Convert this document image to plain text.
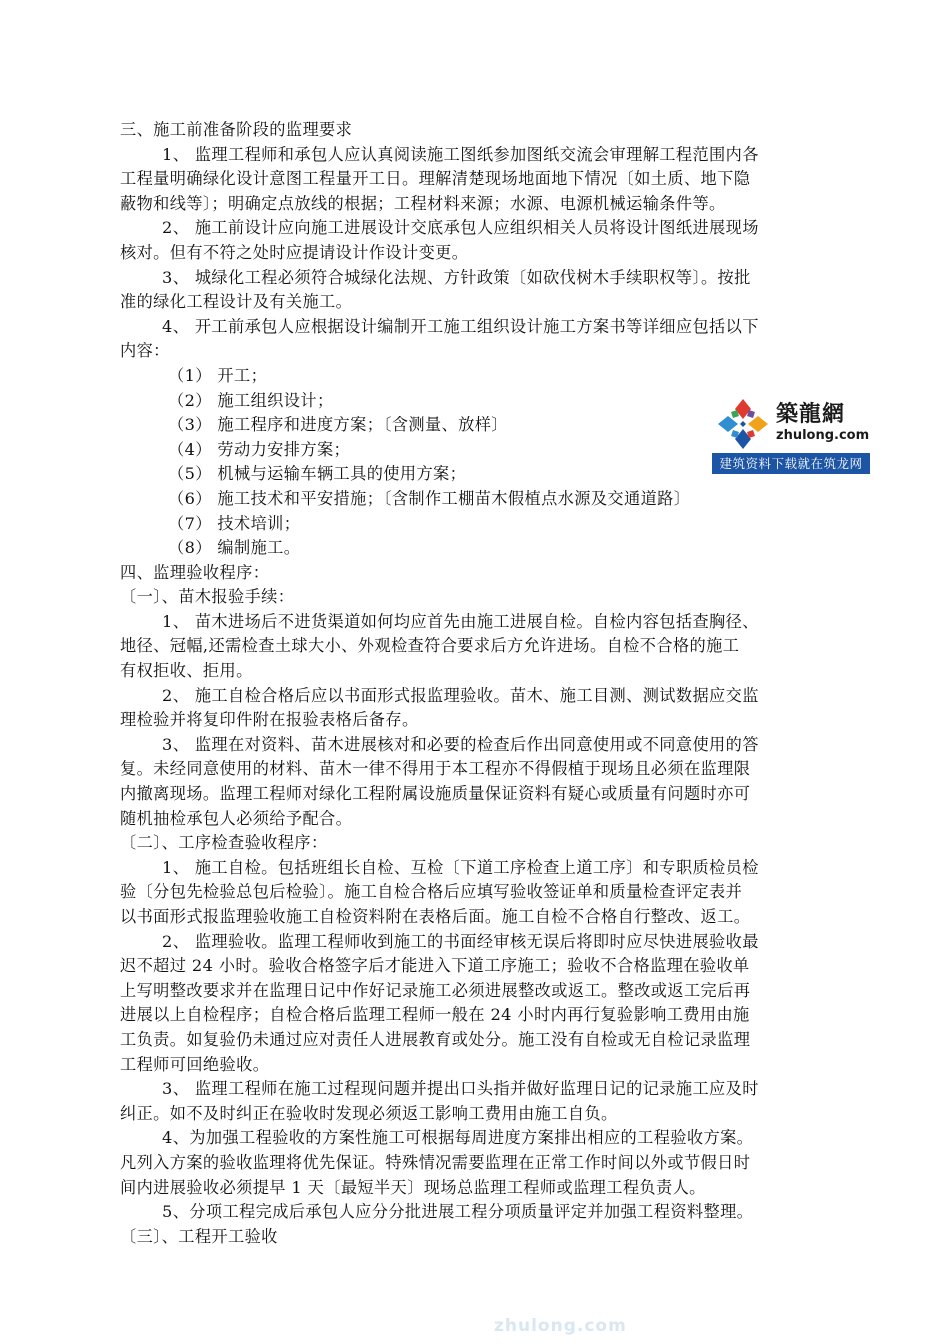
三、施工前准备阶段的监理要求
1、 监理工程师和承包人应认真阅读施工图纸参加图纸交流会审理解工程范围内各
工程量明确绿化设计意图工程量开工日。理解清楚现场地面地下情况〔如土质、地下隐
蔽物和线等〕；明确定点放线的根据；工程材料来源；水源、电源机械运输条件等。
2、 施工前设计应向施工进展设计交底承包人应组织相关人员将设计图纸进展现场
核对。但有不符之处时应提请设计作设计变更。
3、 城绿化工程必须符合城绿化法规、方针政策〔如砍伐树木手续职权等〕。按批
准的绿化工程设计及有关施工。
4、 开工前承包人应根据设计编制开工施工组织设计施工方案书等详细应包括以下
内容：
（1） 开工；
（2） 施工组织设计；
（3） 施工程序和进度方案；〔含测量、放样〕
（4） 劳动力安排方案；
（5） 机械与运输车辆工具的使用方案；
（6） 施工技术和平安措施；〔含制作工棚苗木假植点水源及交通道路〕
（7） 技术培训；
（8） 编制施工。
四、监理验收程序：
〔一〕、苗木报验手续：
1、 苗木进场后不进货渠道如何均应首先由施工进展自检。自检内容包括查胸径、
地径、冠幅,还需检查土球大小、外观检查符合要求后方允许进场。自检不合格的施工
有权拒收、拒用。
2、 施工自检合格后应以书面形式报监理验收。苗木、施工目测、测试数据应交监
理检验并将复印件附在报验表格后备存。
3、 监理在对资料、苗木进展核对和必要的检查后作出同意使用或不同意使用的答
复。未经同意使用的材料、苗木一律不得用于本工程亦不得假植于现场且必须在监理限
内撤离现场。监理工程师对绿化工程附属设施质量保证资料有疑心或质量有问题时亦可
随机抽检承包人必须给予配合。
〔二〕、工序检查验收程序：
1、 施工自检。包括班组长自检、互检〔下道工序检查上道工序〕和专职质检员检
验〔分包先检验总包后检验〕。施工自检合格后应填写验收签证单和质量检查评定表并
以书面形式报监理验收施工自检资料附在表格后面。施工自检不合格自行整改、返工。
2、 监理验收。监理工程师收到施工的书面经审核无误后将即时应尽快进展验收最
迟不超过 24 小时。验收合格签字后才能进入下道工序施工；验收不合格监理在验收单
上写明整改要求并在监理日记中作好记录施工必须进展整改或返工。整改或返工完后再
进展以上自检程序；自检合格后监理工程师一般在 24 小时内再行复验影响工费用由施
工负责。如复验仍未通过应对责任人进展教育或处分。施工没有自检或无自检记录监理
工程师可回绝验收。
3、 监理工程师在施工过程现问题并提出口头指并做好监理日记的记录施工应及时
纠正。如不及时纠正在验收时发现必须返工影响工费用由施工自负。
4、为加强工程验收的方案性施工可根据每周进度方案排出相应的工程验收方案。
凡列入方案的验收监理将优先保证。特殊情况需要监理在正常工作时间以外或节假日时
间内进展验收必须提早 1 天〔最短半天〕现场总监理工程师或监理工程负责人。
5、分项工程完成后承包人应分分批进展工程分项质量评定并加强工程资料整理。
〔三〕、工程开工验收
築龍網
zhulong.com
建筑资料下载就在筑龙网
zhulong.com
